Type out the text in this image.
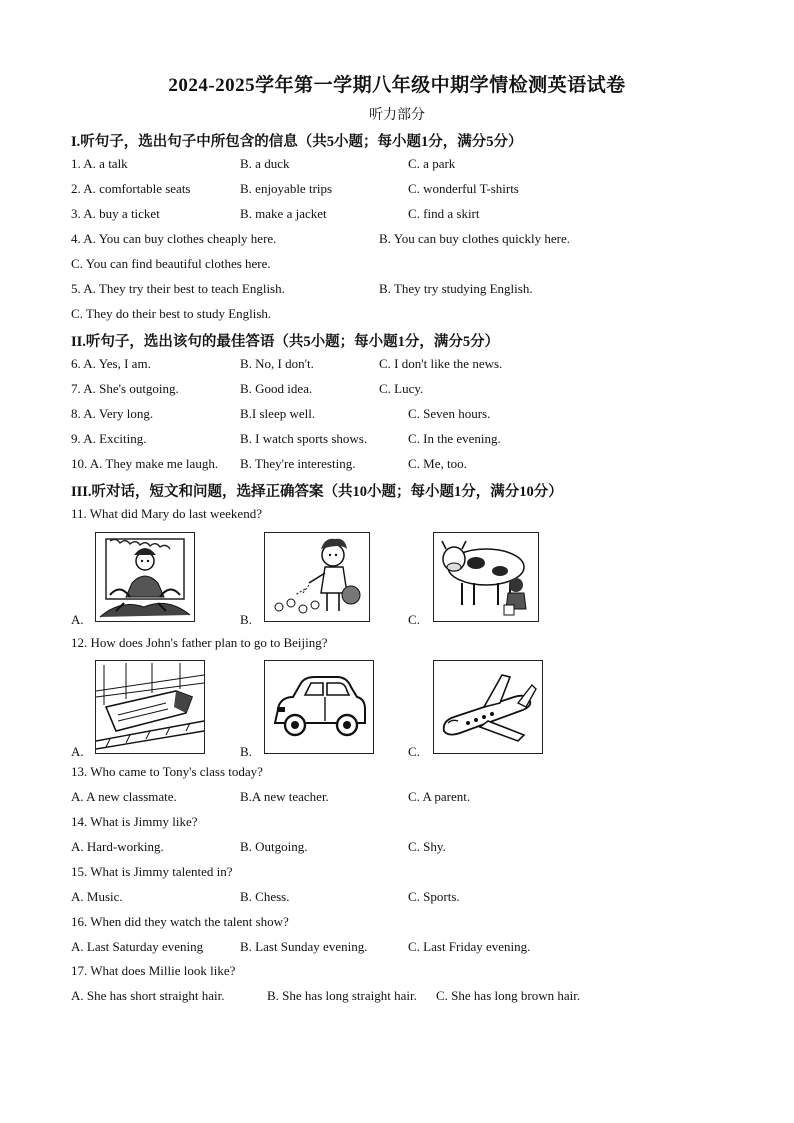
2024-2025学年第一学期八年级中期学情检测英语试卷
听力部分
I.听句子，选出句子中所包含的信息（共5小题；每小题1分，满分5分）
1. A. a talk	B. a duck	C. a park
2. A. comfortable seats	B. enjoyable trips	C. wonderful T-shirts
3. A. buy a ticket	B. make a jacket	C. find a skirt
4. A. You can buy clothes cheaply here.	B. You can buy clothes quickly here.
C. You can find beautiful clothes here.
5. A. They try their best to teach English.	B. They try studying English.
C. They do their best to study English.
II.听句子，选出该句的最佳答语（共5小题；每小题1分，满分5分）
6. A. Yes, I am.	B. No, I don't.	C. I don't like the news.
7. A. She's outgoing.	B. Good idea.	C. Lucy.
8. A. Very long.	B.I sleep well.	C. Seven hours.
9. A. Exciting.	B. I watch sports shows.	C. In the evening.
10. A. They make me laugh. B. They're interesting.	C. Me, too.
III.听对话，短文和问题，选择正确答案（共10小题；每小题1分，满分10分）
11. What did Mary do last weekend?
A.	B.	C.
12. How does John's father plan to go to Beijing?
A.	B.	C.
13. Who came to Tony's class today?
A. A new classmate.	B.A new teacher.	C. A parent.
14. What is Jimmy like?
A. Hard-working.	B. Outgoing.	C. Shy.
15. What is Jimmy talented in?
A. Music.	B. Chess.	C. Sports.
16. When did they watch the talent show?
A. Last Saturday evening	B. Last Sunday evening.	C. Last Friday evening.
17. What does Millie look like?
A. She has short straight hair.	B. She has long straight hair. C. She has long brown hair.
